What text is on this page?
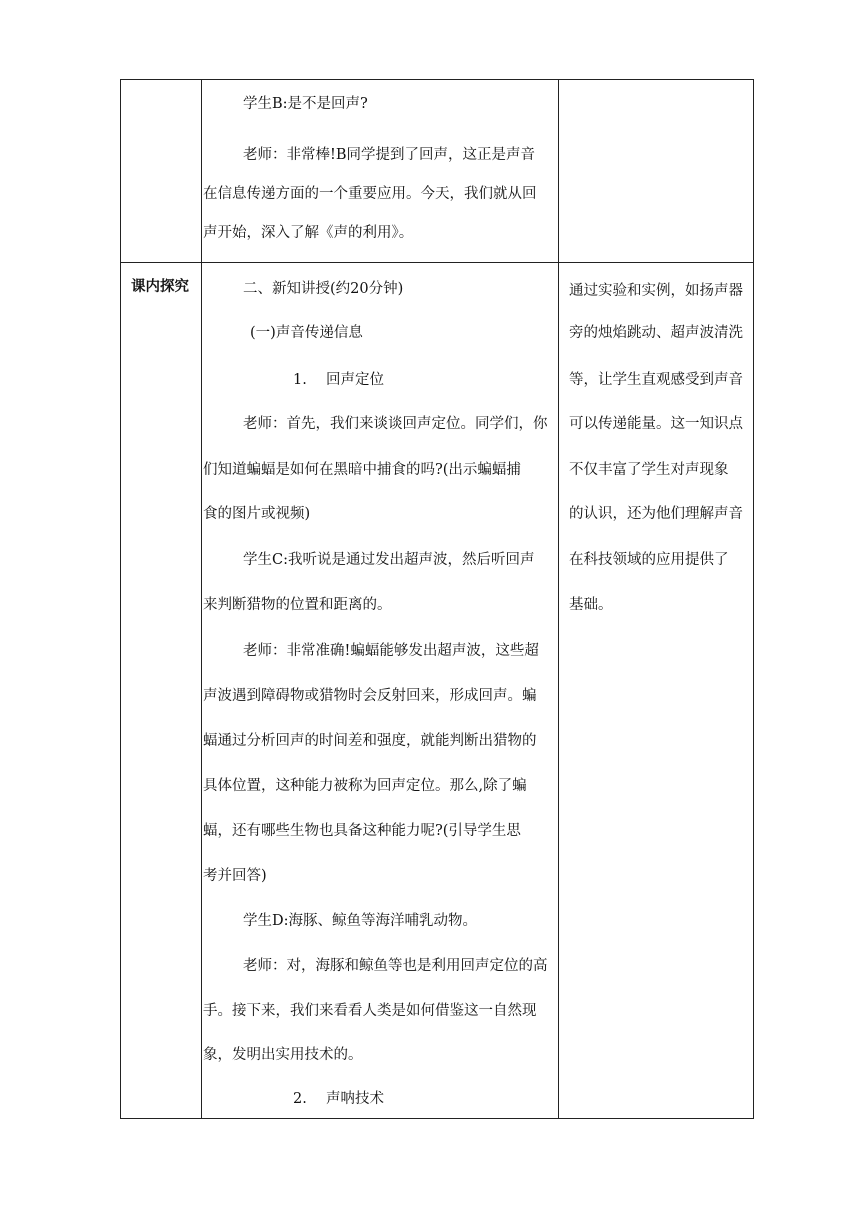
学生B:是不是回声?
老师：非常棒!B同学提到了回声，这正是声音
在信息传递方面的一个重要应用。今天，我们就从回
声开始，深入了解《声的利用》。
课内探究	二、新知讲授(约20分钟)
(一)声音传递信息
1.　 回声定位
老师：首先，我们来谈谈回声定位。同学们，你
们知道蝙蝠是如何在黑暗中捕食的吗?(出示蝙蝠捕
食的图片或视频)
学生C:我听说是通过发出超声波，然后听回声
来判断猎物的位置和距离的。
老师：非常准确!蝙蝠能够发出超声波，这些超
声波遇到障碍物或猎物时会反射回来，形成回声。蝙
蝠通过分析回声的时间差和强度，就能判断出猎物的
具体位置，这种能力被称为回声定位。那么,除了蝙
蝠，还有哪些生物也具备这种能力呢?(引导学生思
考并回答)
学生D:海豚、鲸鱼等海洋哺乳动物。
老师：对，海豚和鲸鱼等也是利用回声定位的高
手。接下来，我们来看看人类是如何借鉴这一自然现
象，发明出实用技术的。
2.　 声呐技术
通过实验和实例，如扬声器
旁的烛焰跳动、超声波清洗
等，让学生直观感受到声音
可以传递能量。这一知识点
不仅丰富了学生对声现象
的认识，还为他们理解声音
在科技领域的应用提供了
基础。
